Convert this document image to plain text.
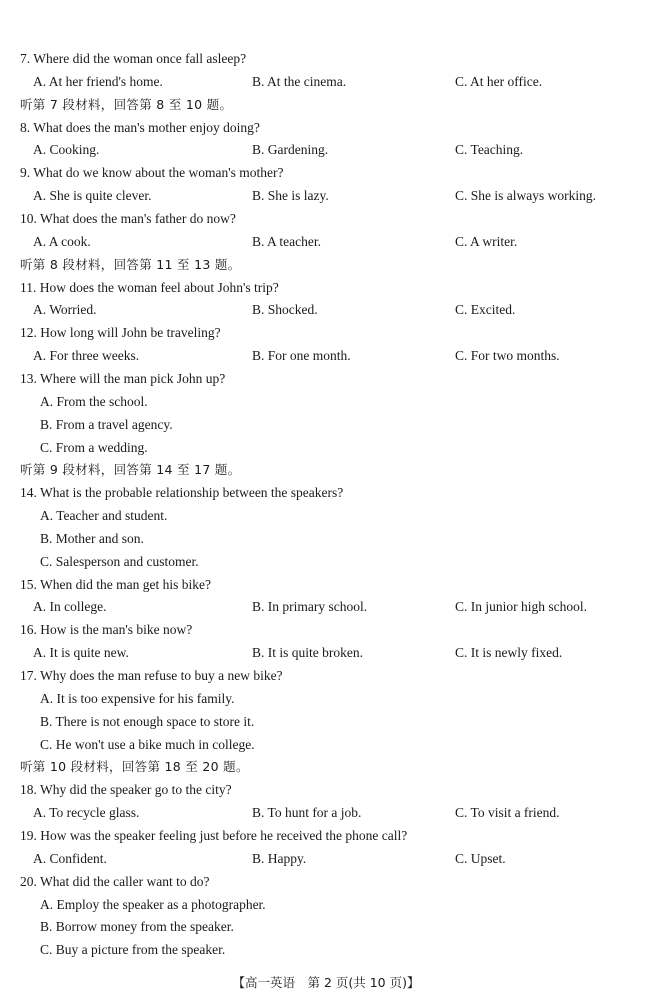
7. Where did the woman once fall asleep?
A. At her friend's home.	B. At the cinema.	C. At her office.
听第 7 段材料，回答第 8 至 10 题。
8. What does the man's mother enjoy doing?
A. Cooking.	B. Gardening.	C. Teaching.
9. What do we know about the woman's mother?
A. She is quite clever.	B. She is lazy.	C. She is always working.
10. What does the man's father do now?
A. A cook.	B. A teacher.	C. A writer.
听第 8 段材料，回答第 11 至 13 题。
11. How does the woman feel about John's trip?
A. Worried.	B. Shocked.	C. Excited.
12. How long will John be traveling?
A. For three weeks.	B. For one month.	C. For two months.
13. Where will the man pick John up?
A. From the school.
B. From a travel agency.
C. From a wedding.
听第 9 段材料，回答第 14 至 17 题。
14. What is the probable relationship between the speakers?
A. Teacher and student.
B. Mother and son.
C. Salesperson and customer.
15. When did the man get his bike?
A. In college.	B. In primary school.	C. In junior high school.
16. How is the man's bike now?
A. It is quite new.	B. It is quite broken.	C. It is newly fixed.
17. Why does the man refuse to buy a new bike?
A. It is too expensive for his family.
B. There is not enough space to store it.
C. He won't use a bike much in college.
听第 10 段材料，回答第 18 至 20 题。
18. Why did the speaker go to the city?
A. To recycle glass.	B. To hunt for a job.	C. To visit a friend.
19. How was the speaker feeling just before he received the phone call?
A. Confident.	B. Happy.	C. Upset.
20. What did the caller want to do?
A. Employ the speaker as a photographer.
B. Borrow money from the speaker.
C. Buy a picture from the speaker.
【高一英语　第 2 页(共 10 页)】
